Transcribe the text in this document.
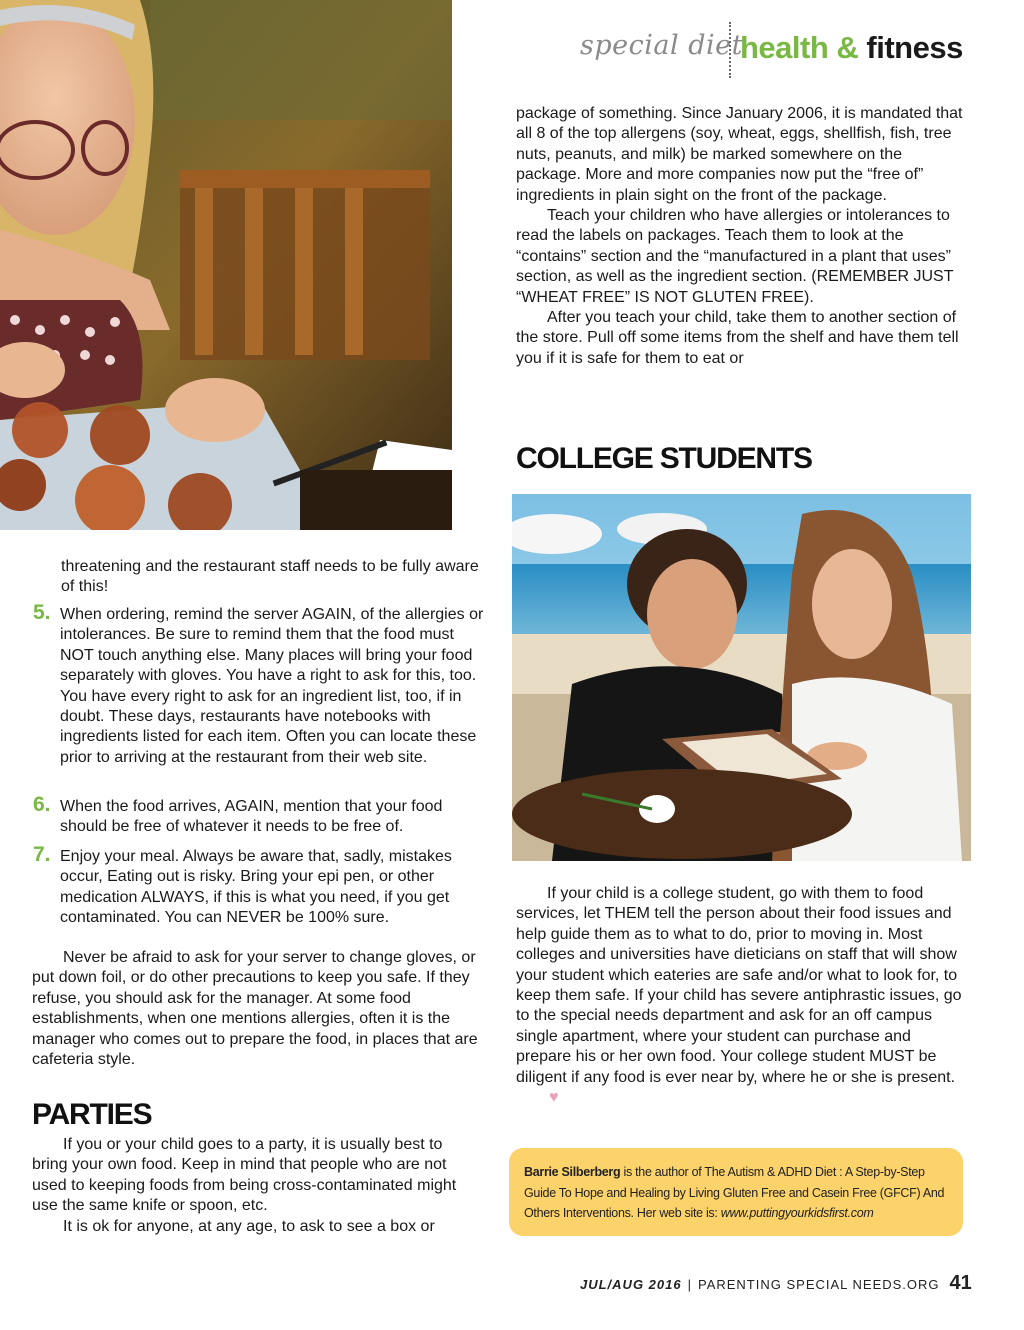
special diet
health & fitness

package of something. Since January 2006, it is mandated that all 8 of the top allergens (soy, wheat, eggs, shellfish, fish, tree nuts, peanuts, and milk) be marked somewhere on the package. More and more companies now put the “free of” ingredients in plain sight on the front of the package.

Teach your children who have allergies or intolerances to read the labels on packages. Teach them to look at the “contains” section and the “manufactured in a plant that uses” section, as well as the ingredient section. (REMEMBER JUST “WHEAT FREE” IS NOT GLUTEN FREE).

After you teach your child, take them to another section of the store. Pull off some items from the shelf and have them tell you if it is safe for them to eat or

COLLEGE STUDENTS
threatening and the restaurant staff needs to be fully aware of this!
5. When ordering, remind the server AGAIN, of the allergies or intolerances. Be sure to remind them that the food must NOT touch anything else. Many places will bring your food separately with gloves. You have a right to ask for this, too. You have every right to ask for an ingredient list, too, if in doubt. These days, restaurants have notebooks with ingredients listed for each item. Often you can locate these prior to arriving at the restaurant from their web site.
6. When the food arrives, AGAIN, mention that your food should be free of whatever it needs to be free of.
7. Enjoy your meal. Always be aware that, sadly, mistakes occur, Eating out is risky. Bring your epi pen, or other medication ALWAYS, if this is what you need, if you get contaminated. You can NEVER be 100% sure.
Never be afraid to ask for your server to change gloves, or put down foil, or do other precautions to keep you safe. If they refuse, you should ask for the manager. At some food establishments, when one mentions allergies, often it is the manager who comes out to prepare the food, in places that are cafeteria style.
PARTIES

If you or your child goes to a party, it is usually best to bring your own food. Keep in mind that people who are not used to keeping foods from being cross-contaminated might use the same knife or spoon, etc.

It is ok for anyone, at any age, to ask to see a box or

If your child is a college student, go with them to food services, let THEM tell the person about their food issues and help guide them as to what to do, prior to moving in. Most colleges and universities have dieticians on staff that will show your student which eateries are safe and/or what to look for, to keep them safe. If your child has severe antiphrastic issues, go to the special needs department and ask for an off campus single apartment, where your student can purchase and prepare his or her own food. Your college student MUST be diligent if any food is ever near by, where he or she is present.♥
Barrie Silberberg is the author of The Autism & ADHD Diet : A Step-by-Step Guide To Hope and Healing by Living Gluten Free and Casein Free (GFCF) And Others Interventions. Her web site is: www.puttingyourkidsfirst.com
JUL/AUG 2016 | PARENTING SPECIAL NEEDS.ORG 41
